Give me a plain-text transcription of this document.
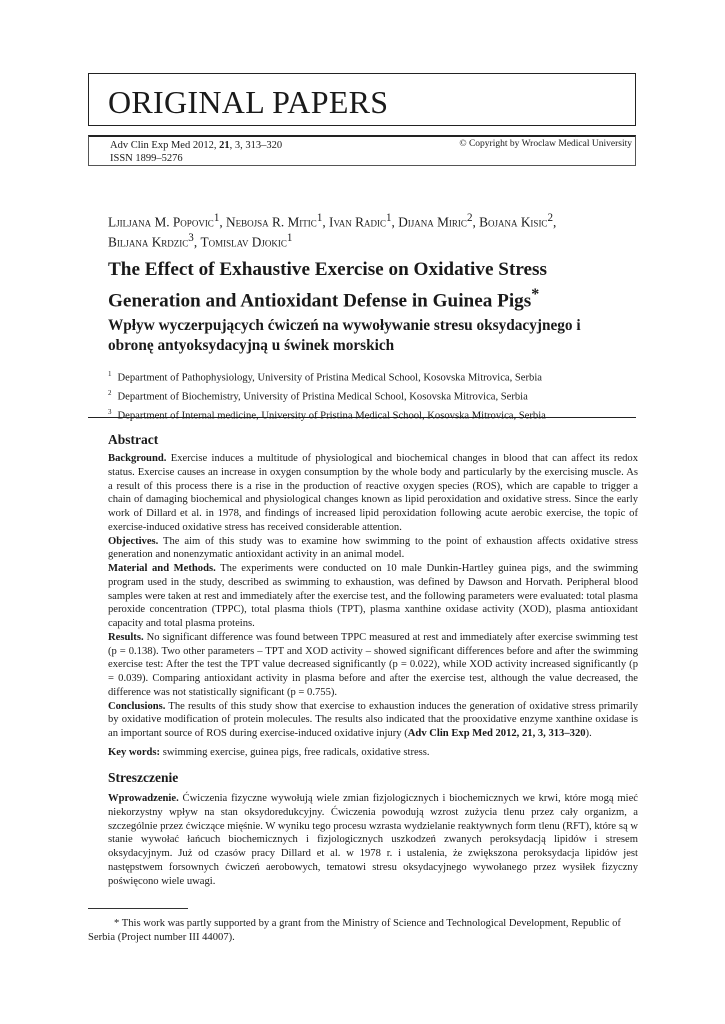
ORIGINAL PAPERS
Adv Clin Exp Med 2012, 21, 3, 313–320
ISSN 1899–5276
© Copyright by Wroclaw Medical University
Ljiljana M. Popovic$^1$, Nebojsa R. Mitic$^1$, Ivan Radic$^1$, Dijana Miric$^2$, Bojana Kisic$^2$,
Biljana Krdzic$^3$, Tomislav Djokic$^1$
The Effect of Exhaustive Exercise on Oxidative Stress Generation and Antioxidant Defense in Guinea Pigs*
Wpływ wyczerpujących ćwiczeń na wywoływanie stresu oksydacyjnego i obronę antyoksydacyjną u świnek morskich
$^1$ Department of Pathophysiology, University of Pristina Medical School, Kosovska Mitrovica, Serbia
$^2$ Department of Biochemistry, University of Pristina Medical School, Kosovska Mitrovica, Serbia
$^3$ Department of Internal medicine, University of Pristina Medical School, Kosovska Mitrovica, Serbia
Abstract
Background. Exercise induces a multitude of physiological and biochemical changes in blood that can affect its redox status. Exercise causes an increase in oxygen consumption by the whole body and particularly by the exercising muscle. As a result of this process there is a rise in the production of reactive oxygen species (ROS), which are capable to trigger a chain of damaging biochemical and physiological changes known as lipid peroxidation and oxidative stress. Since the early work of Dillard et al. in 1978, and findings of increased lipid peroxidation following acute aerobic exercise, the topic of exercise-induced oxidative stress has received considerable attention.
Objectives. The aim of this study was to examine how swimming to the point of exhaustion affects oxidative stress generation and nonenzymatic antioxidant activity in an animal model.
Material and Methods. The experiments were conducted on 10 male Dunkin-Hartley guinea pigs, and the swimming program used in the study, described as swimming to exhaustion, was defined by Dawson and Horvath. Peripheral blood samples were taken at rest and immediately after the exercise test, and the following parameters were evaluated: total plasma peroxide concentration (TPPC), total plasma thiols (TPT), plasma xanthine oxidase activity (XOD), plasma antioxidant capacity and total plasma proteins.
Results. No significant difference was found between TPPC measured at rest and immediately after exercise swimming test (p = 0.138). Two other parameters – TPT and XOD activity – showed significant differences before and after the swimming exercise test: After the test the TPT value decreased significantly (p = 0.022), while XOD activity increased significantly (p = 0.039). Comparing antioxidant activity in plasma before and after the exercise test, although the value decreased, the difference was not statistically significant (p = 0.755).
Conclusions. The results of this study show that exercise to exhaustion induces the generation of oxidative stress primarily by oxidative modification of protein molecules. The results also indicated that the prooxidative enzyme xanthine oxidase is an important source of ROS during exercise-induced oxidative injury (Adv Clin Exp Med 2012, 21, 3, 313–320).
Key words: swimming exercise, guinea pigs, free radicals, oxidative stress.
Streszczenie
Wprowadzenie. Ćwiczenia fizyczne wywołują wiele zmian fizjologicznych i biochemicznych we krwi, które mogą mieć niekorzystny wpływ na stan oksydoredukcyjny. Ćwiczenia powodują wzrost zużycia tlenu przez cały organizm, a szczególnie przez ćwiczące mięśnie. W wyniku tego procesu wzrasta wydzielanie reaktywnych form tlenu (RFT), które są w stanie wywołać łańcuch biochemicznych i fizjologicznych uszkodzeń zwanych peroksydacją lipidów i stresem oksydacyjnym. Już od czasów pracy Dillard et al. w 1978 r. i ustalenia, że zwiększona peroksydacja lipidów jest następstwem forsownych ćwiczeń aerobowych, tematowi stresu oksydacyjnego wywołanego przez wysiłek fizyczny poświęcono wiele uwagi.
* This work was partly supported by a grant from the Ministry of Science and Technological Development, Republic of Serbia (Project number III 44007).
